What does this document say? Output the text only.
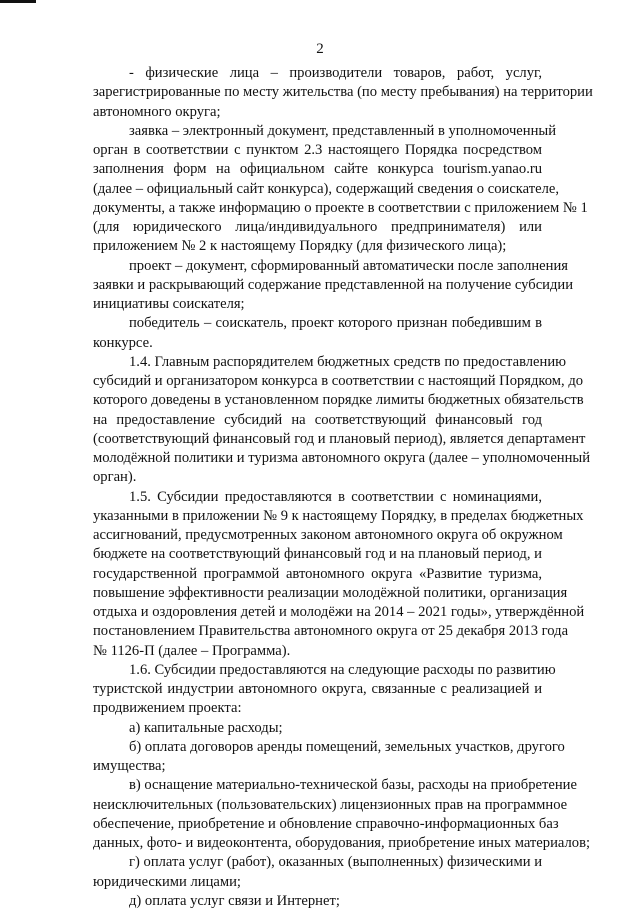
2
- физические лица – производители товаров, работ, услуг,
зарегистрированные по месту жительства (по месту пребывания) на территории
автономного округа;
заявка – электронный документ, представленный в уполномоченный
орган в соответствии с пунктом 2.3 настоящего Порядка посредством
заполнения форм на официальном сайте конкурса tourism.yanao.ru
(далее – официальный сайт конкурса), содержащий сведения о соискателе,
документы, а также информацию о проекте в соответствии с приложением № 1
(для юридического лица/индивидуального предпринимателя) или
приложением № 2 к настоящему Порядку (для физического лица);
проект – документ, сформированный автоматически после заполнения
заявки и раскрывающий содержание представленной на получение субсидии
инициативы соискателя;
победитель – соискатель, проект которого признан победившим в
конкурсе.
1.4. Главным распорядителем бюджетных средств по предоставлению
субсидий и организатором конкурса в соответствии с настоящий Порядком, до
которого доведены в установленном порядке лимиты бюджетных обязательств
на предоставление субсидий на соответствующий финансовый год
(соответствующий финансовый год и плановый период), является департамент
молодёжной политики и туризма автономного округа (далее – уполномоченный
орган).
1.5. Субсидии предоставляются в соответствии с номинациями,
указанными в приложении № 9 к настоящему Порядку, в пределах бюджетных
ассигнований, предусмотренных законом автономного округа об окружном
бюджете на соответствующий финансовый год и на плановый период, и
государственной программой автономного округа «Развитие туризма,
повышение эффективности реализации молодёжной политики, организация
отдыха и оздоровления детей и молодёжи на 2014 – 2021 годы», утверждённой
постановлением Правительства автономного округа от 25 декабря 2013 года
№ 1126-П (далее – Программа).
1.6. Субсидии предоставляются на следующие расходы по развитию
туристской индустрии автономного округа, связанные с реализацией и
продвижением проекта:
а) капитальные расходы;
б) оплата договоров аренды помещений, земельных участков, другого
имущества;
в) оснащение материально-технической базы, расходы на приобретение
неисключительных (пользовательских) лицензионных прав на программное
обеспечение, приобретение и обновление справочно-информационных баз
данных, фото- и видеоконтента, оборудования, приобретение иных материалов;
г) оплата услуг (работ), оказанных (выполненных) физическими и
юридическими лицами;
д) оплата услуг связи и Интернет;
